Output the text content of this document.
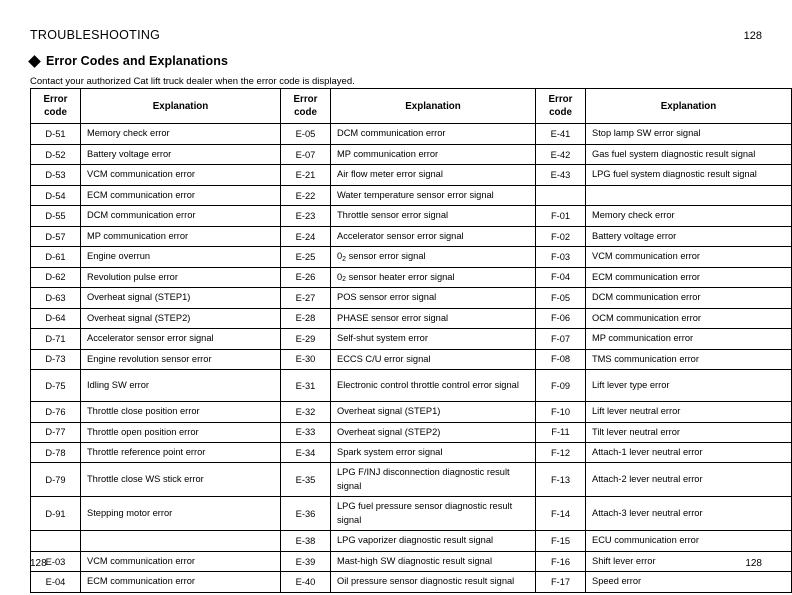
TROUBLESHOOTING	128
Error Codes and Explanations
Contact your authorized Cat lift truck dealer when the error code is displayed.
Error
code	Explanation	Error
code	Explanation	Error
code	Explanation
D-51	Memory check error	E-05	DCM communication error	E-41	Stop lamp SW error signal
D-52	Battery voltage error	E-07	MP communication error	E-42	Gas fuel system diagnostic result signal
D-53	VCM communication error	E-21	Air flow meter error signal	E-43	LPG fuel system diagnostic result signal
D-54	ECM communication error	E-22	Water temperature sensor error signal		
D-55	DCM communication error	E-23	Throttle sensor error signal	F-01	Memory check error
D-57	MP communication error	E-24	Accelerator sensor error signal	F-02	Battery voltage error
D-61	Engine overrun	E-25	$0_2$ sensor error signal	F-03	VCM communication error
D-62	Revolution pulse error	E-26	$0_2$ sensor heater error signal	F-04	ECM communication error
D-63	Overheat signal (STEP1)	E-27	POS sensor error signal	F-05	DCM communication error
D-64	Overheat signal (STEP2)	E-28	PHASE sensor error signal	F-06	OCM communication error
D-71	Accelerator sensor error signal	E-29	Self-shut system error	F-07	MP communication error
D-73	Engine revolution sensor error	E-30	ECCS C/U error signal	F-08	TMS communication error
D-75	Idling SW error	E-31	Electronic control throttle control error signal	F-09	Lift lever type error
D-76	Throttle close position error	E-32	Overheat signal (STEP1)	F-10	Lift lever neutral error
D-77	Throttle open position error	E-33	Overheat signal (STEP2)	F-11	Tilt lever neutral error
D-78	Throttle reference point error	E-34	Spark system error signal	F-12	Attach-1 lever neutral error
D-79	Throttle close WS stick error	E-35	LPG F/INJ disconnection diagnostic result signal	F-13	Attach-2 lever neutral error
D-91	Stepping motor error	E-36	LPG fuel pressure sensor diagnostic result signal	F-14	Attach-3 lever neutral error
		E-38	LPG vaporizer diagnostic result signal	F-15	ECU communication error
E-03	VCM communication error	E-39	Mast-high SW diagnostic result signal	F-16	Shift lever error
E-04	ECM communication error	E-40	Oil pressure sensor diagnostic result signal	F-17	Speed error
128	128
